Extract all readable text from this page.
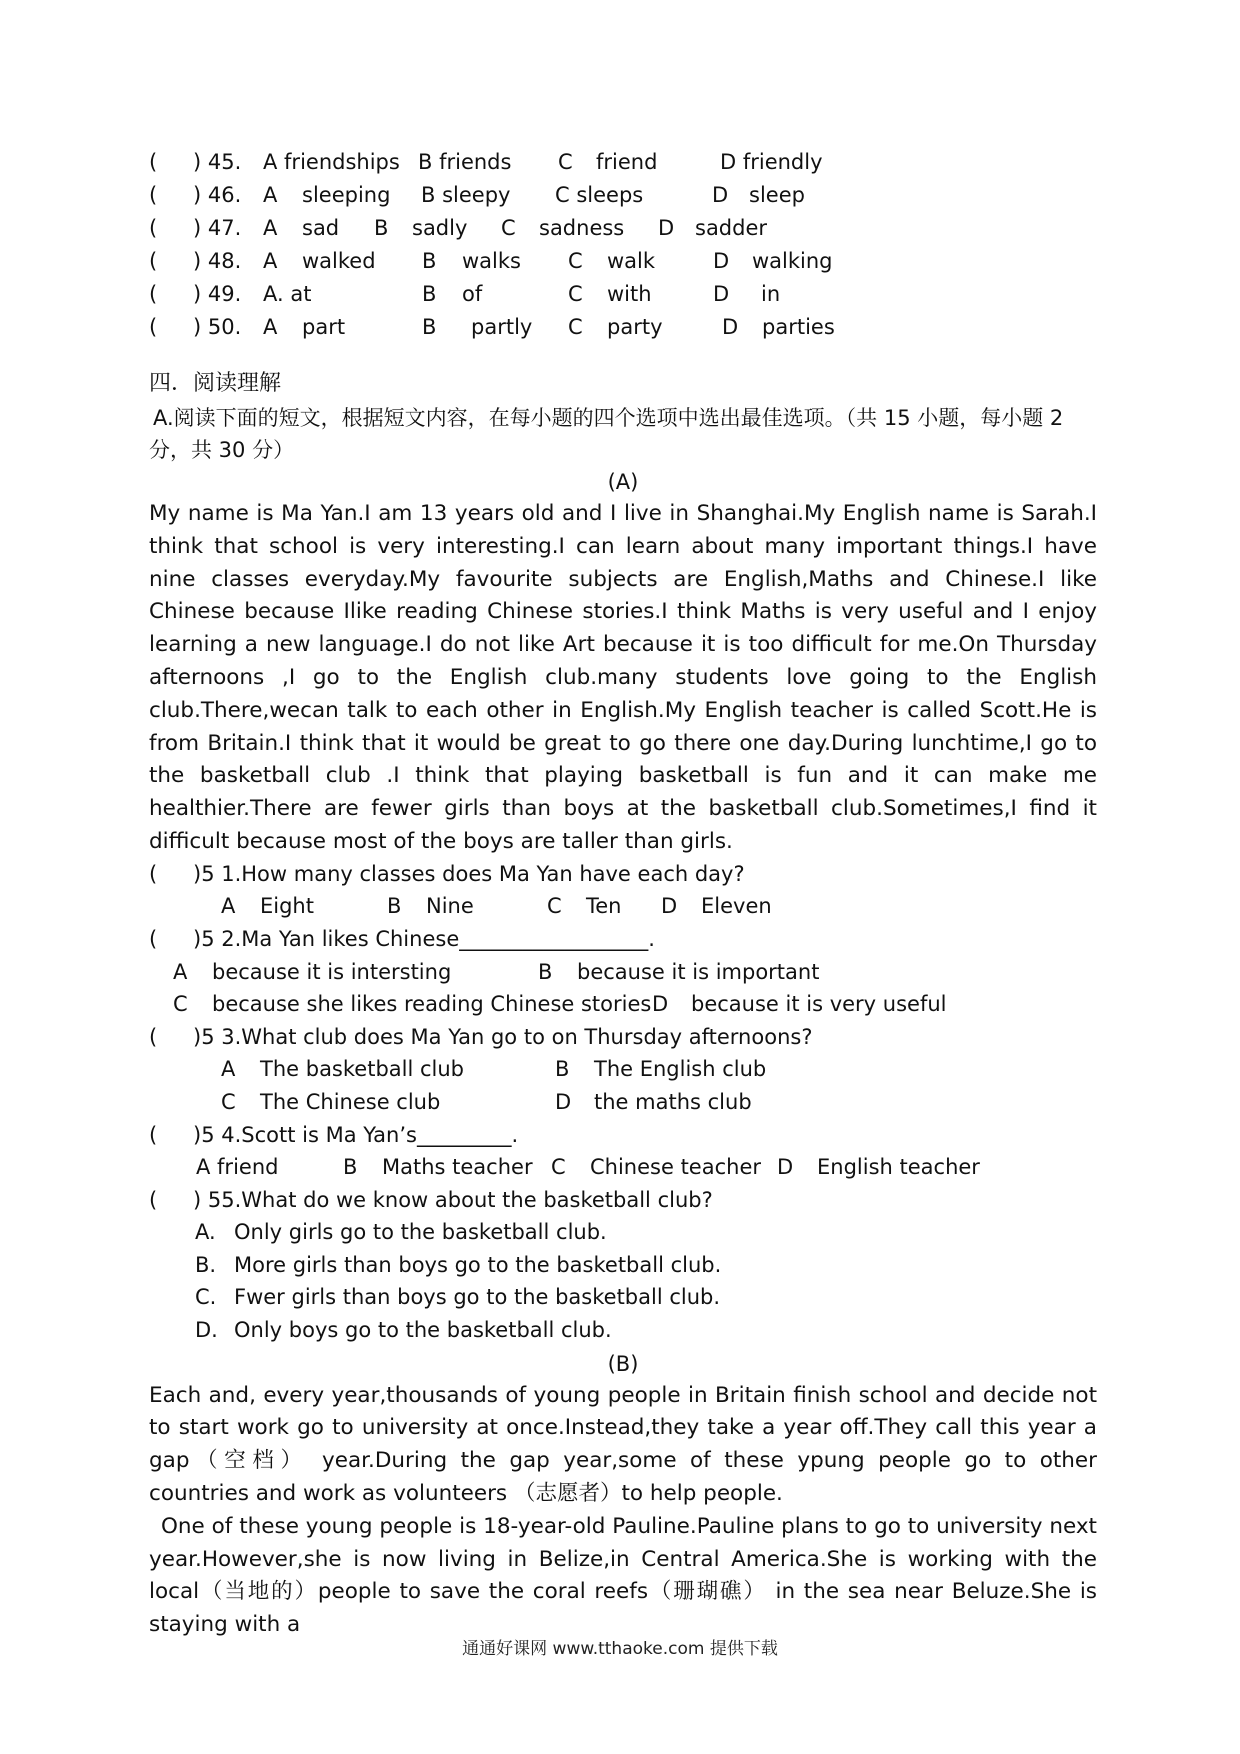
( ) 45. A friendships B friends C friend	D friendly
( ) 46. A sleeping B sleepy C sleeps	D sleep
( ) 47. A sad B sadly C sadness D sadder
( ) 48. A walked B walks C walk	D walking
( ) 49. A. at	B of	C with	D in
( ) 50. A part	B partly C party	D parties
四．阅读理解
A.阅读下面的短文，根据短文内容，在每小题的四个选项中选出最佳选项。（共 15 小题，每小题 2 分，共 30 分）
(A)
My name is Ma Yan.I am 13 years old and I live in Shanghai.My English name is Sarah.I think that school is very interesting.I can learn about many important things.I have nine classes everyday.My favourite subjects are English,Maths and Chinese.I like Chinese because Ilike reading Chinese stories.I think Maths is very useful and I enjoy learning a new language.I do not like Art because it is too difficult for me.On Thursday afternoons ,I go to the English club.many students love going to the English club.There,wecan talk to each other in English.My English teacher is called Scott.He is from Britain.I think that it would be great to go there one day.During lunchtime,I go to the basketball club .I think that playing basketball is fun and it can make me healthier.There are fewer girls than boys at the basketball club.Sometimes,I find it difficult because most of the boys are taller than girls.
( )5 1.How many classes does Ma Yan have each day?
A Eight	B Nine	C Ten D Eleven
( )5 2.Ma Yan likes Chinese__________________.
A because it is intersting	B because it is important
C because she likes reading Chinese stories D because it is very useful
( )5 3.What club does Ma Yan go to on Thursday afternoons?
A The basketball club	B The English club
C The Chinese club	D the maths club
( )5 4.Scott is Ma Yan’s_________.
A friend	B Maths teacher C Chinese teacher D English teacher
( ) 55.What do we know about the basketball club?
A. Only girls go to the basketball club.
B. More girls than boys go to the basketball club.
C. Fwer girls than boys go to the basketball club.
D. Only boys go to the basketball club.
(B)
Each and, every year,thousands of young people in Britain finish school and decide not to start work go to university at once.Instead,they take a year off.They call this year a gap（空档） year.During the gap year,some of these ypung people go to other countries and work as volunteers （志愿者）to help people.
One of these young people is 18-year-old Pauline.Pauline plans to go to university next year.However,she is now living in Belize,in Central America.She is working with the local（当地的）people to save the coral reefs（珊瑚礁） in the sea near Beluze.She is staying with a
通通好课网 www.tthaoke.com 提供下载
